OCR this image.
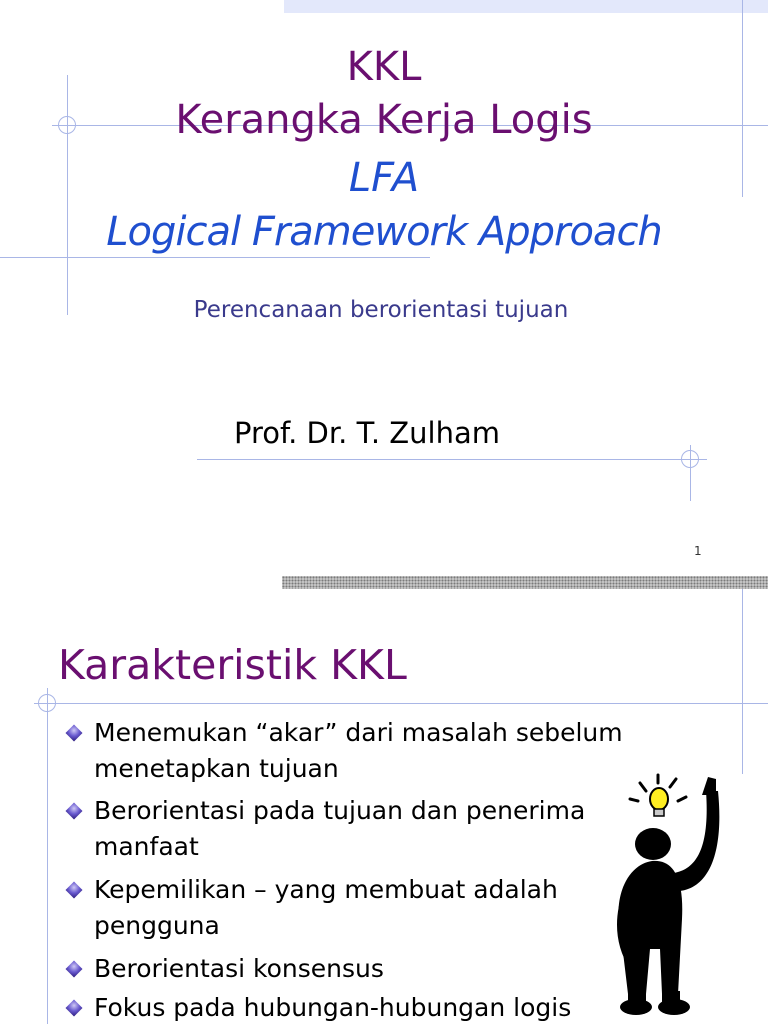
KKL
Kerangka Kerja Logis
LFA
Logical Framework Approach
Perencanaan berorientasi tujuan
Prof. Dr. T. Zulham
1
Karakteristik KKL
Menemukan “akar” dari masalah sebelum
menetapkan tujuan
Berorientasi pada tujuan dan penerima
manfaat
Kepemilikan – yang membuat adalah
pengguna
Berorientasi konsensus
Fokus pada hubungan-hubungan logis
